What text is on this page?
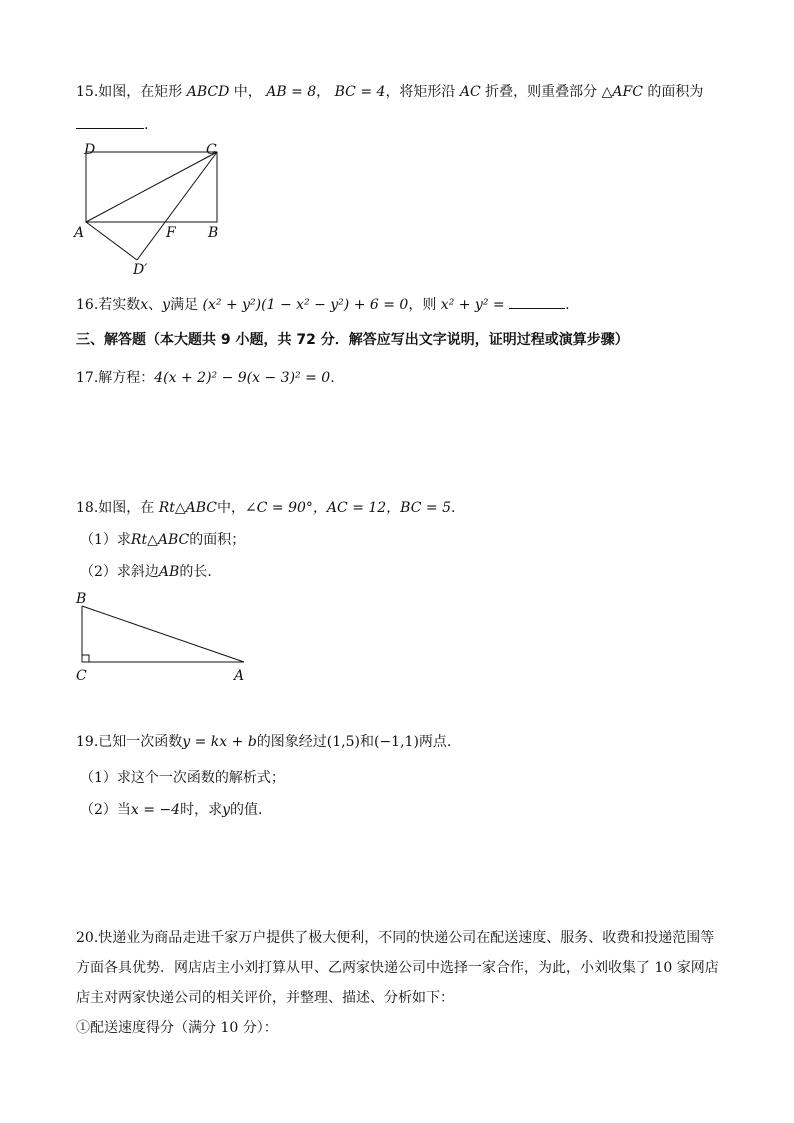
15.如图，在矩形 ABCD 中， AB = 8， BC = 4，将矩形沿 AC 折叠，则重叠部分 △AFC 的面积为
.
D	C
A	F B
D′
16.若实数x、y满足 (x² + y²)(1 − x² − y²) + 6 = 0，则 x² + y² =	.
三、解答题（本大题共 9 小题，共 72 分．解答应写出文字说明，证明过程或演算步骤）
17.解方程：4(x + 2)² − 9(x − 3)² = 0.
18.如图，在 Rt△ABC中，∠C = 90°，AC = 12，BC = 5.
（1）求Rt△ABC的面积；
（2）求斜边AB的长.
B
C	A
19.已知一次函数y = kx + b的图象经过(1,5)和(−1,1)两点.
（1）求这个一次函数的解析式；
（2）当x = −4时，求y的值.
20.快递业为商品走进千家万户提供了极大便利，不同的快递公司在配送速度、服务、收费和投递范围等
方面各具优势．网店店主小刘打算从甲、乙两家快递公司中选择一家合作，为此，小刘收集了 10 家网店
店主对两家快递公司的相关评价，并整理、描述、分析如下：
①配送速度得分（满分 10 分）：
